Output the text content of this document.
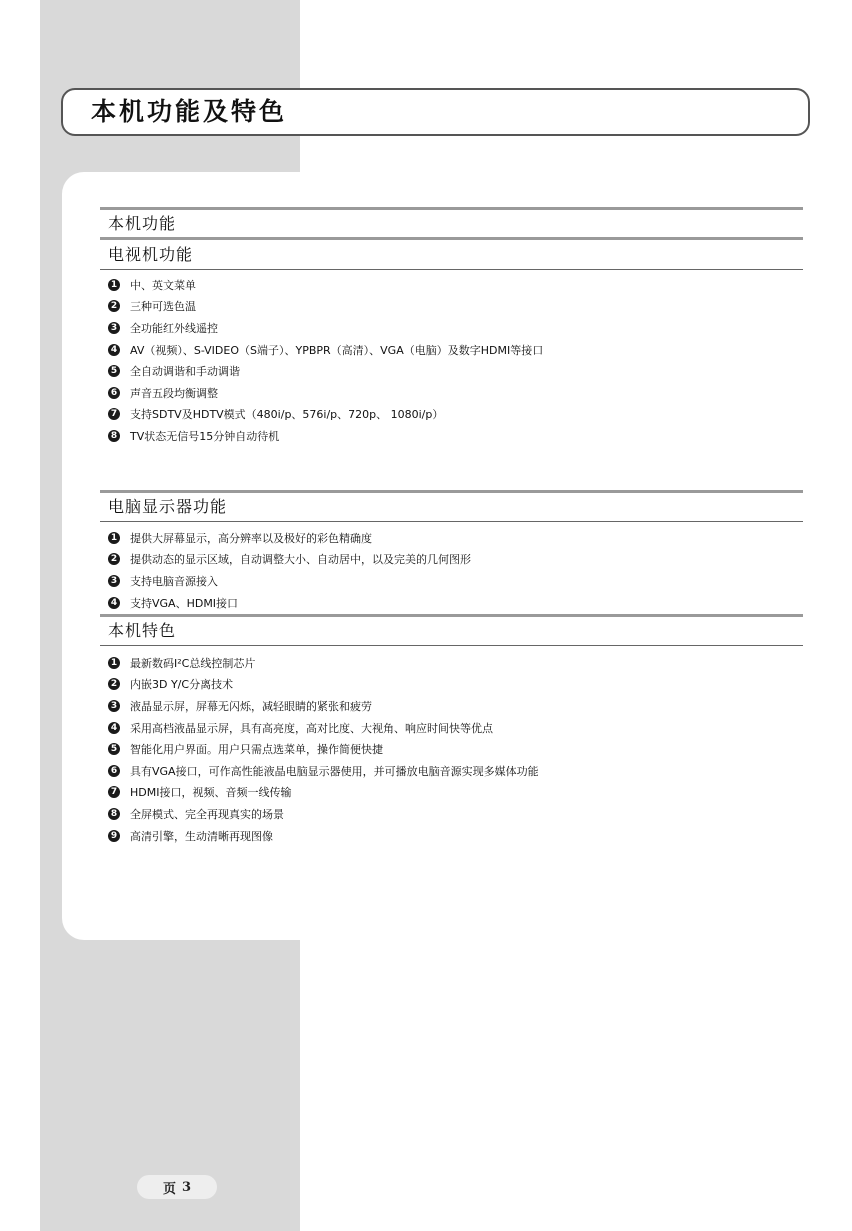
本机功能及特色
本机功能
电视机功能
1 中、英文菜单
2 三种可选色温
3 全功能红外线遥控
4 AV（视频）、S-VIDEO（S端子）、YPBPR（高清）、VGA（电脑）及数字HDMI等接口
5 全自动调谐和手动调谐
6 声音五段均衡调整
7 支持SDTV及HDTV模式（480i/p、576i/p、720p、 1080i/p）
8 TV状态无信号15分钟自动待机
电脑显示器功能
1 提供大屏幕显示，高分辨率以及极好的彩色精确度
2 提供动态的显示区域，自动调整大小、自动居中，以及完美的几何图形
3 支持电脑音源接入
4 支持VGA、HDMI接口
本机特色
1 最新数码I²C总线控制芯片
2 内嵌3D Y/C分离技术
3 液晶显示屏，屏幕无闪烁，减轻眼睛的紧张和疲劳
4 采用高档液晶显示屏，具有高亮度，高对比度、大视角、响应时间快等优点
5 智能化用户界面。用户只需点选菜单，操作简便快捷
6 具有VGA接口，可作高性能液晶电脑显示器使用，并可播放电脑音源实现多媒体功能
7 HDMI接口，视频、音频一线传输
8 全屏模式、完全再现真实的场景
9 高清引擎，生动清晰再现图像
页 3
